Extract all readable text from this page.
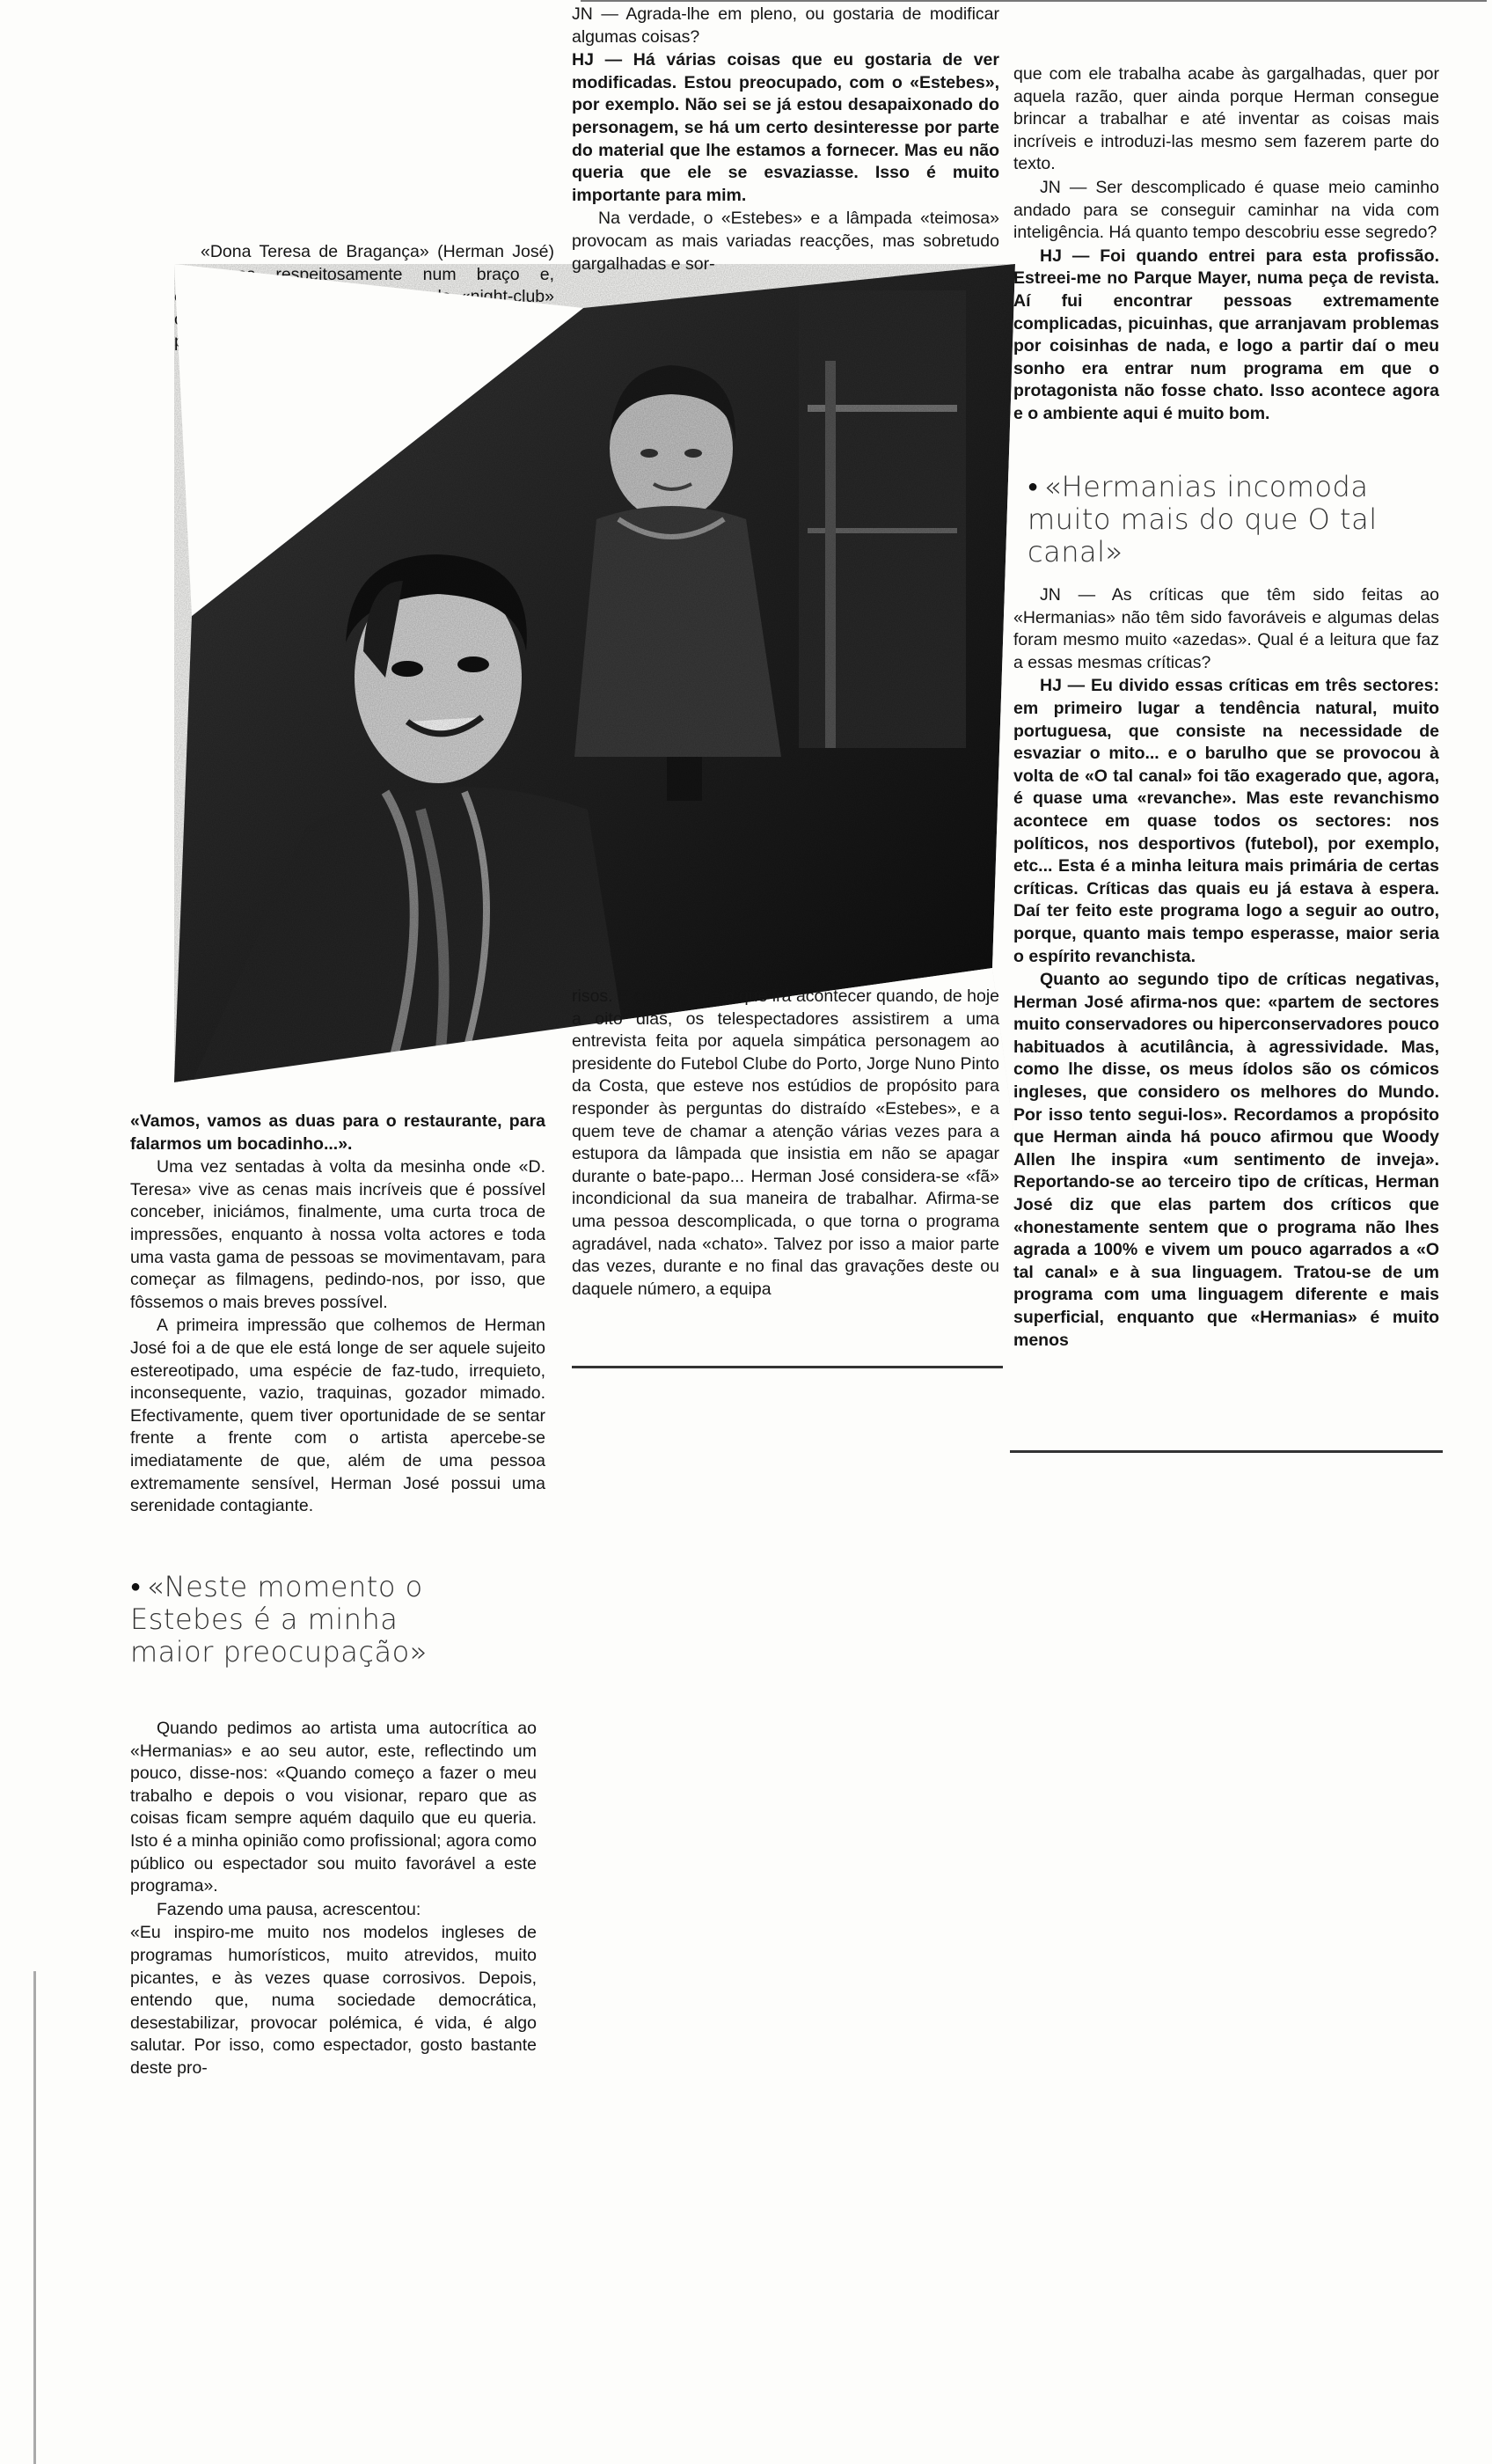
«Dona Teresa de Bragança» (Herman José)

«Vamos, vamos as duas para o restaurante, para falarmos um bocadinho...».

Uma vez sentadas à volta da mesinha onde «D. Teresa» vive as cenas mais incríveis que é possível conceber, iniciámos, finalmente, uma curta troca de impressões, enquanto à nossa volta actores e toda uma vasta gama de pessoas se movimentavam, para começar as filmagens, pedindo-nos, por isso, que fôssemos o mais breves possível.

A primeira impressão que colhemos de Herman José foi a de que ele está longe de ser aquele sujeito estereotipado, uma espécie de faz-tudo, irrequieto, inconsequente, vazio, traquinas, gozador mimado. Efectivamente, quem tiver oportunidade de se sentar frente a frente com o artista apercebe-se imediatamente de que, além de uma pessoa extremamente sensível, Herman José possui uma serenidade contagiante.

● «Neste momento o Estebes é a minha maior preocupação»

Quando pedimos ao artista uma autocrítica ao «Hermanias» e ao seu autor, este, reflectindo um pouco, disse-nos: «Quando começo a fazer o meu trabalho e depois o vou visionar, reparo que as coisas ficam sempre aquém daquilo que eu queria. Isto é a minha opinião como profissional; agora como público ou espectador sou muito favorável a este programa».

Fazendo uma pausa, acrescentou:

«Eu inspiro-me muito nos modelos ingleses de programas humorísticos, muito atrevidos, muito picantes, e às vezes quase corrosivos. Depois, entendo que, numa sociedade democrática, desestabilizar, provocar polémica, é vida, é algo salutar. Por isso, como espectador, gosto bastante deste pro-

JN — Agrada-lhe em pleno, ou gostaria de modificar algumas coisas?

HJ — Há várias coisas que eu gostaria de ver modificadas. Estou preocupado, com o «Estebes», por exemplo. Não sei se já estou desapaixonado do personagem, se há um certo desinteresse por parte do material que lhe estamos a fornecer. Mas eu não queria que ele se esvaziasse. Isso é muito importante para mim.

Na verdade, o «Estebes» e a lâmpada «teimosa» provocam as mais variadas reacções, mas sobretudo gargalhadas e sor-

risos. E certamente o que irá acontecer quando, de hoje a oito dias, os telespectadores assistirem a uma entrevista feita por aquela simpática personagem ao presidente do Futebol Clube do Porto, Jorge Nuno Pinto da Costa, que esteve nos estúdios de propósito para responder às perguntas do distraído «Estebes», e a quem teve de chamar a atenção várias vezes para a estupora da lâmpada que insistia em não se apagar durante o bate-papo... Herman José considera-se «fã» incondicional da sua maneira de trabalhar. Afirma-se uma pessoa descomplicada, o que torna o programa agradável, nada «chato». Talvez por isso a maior parte das vezes, durante e no final das gravações deste ou daquele número, a equipa

que com ele trabalha acabe às gargalhadas, quer por aquela razão, quer ainda porque Herman consegue brincar a trabalhar e até inventar as coisas mais incríveis e introduzi-las mesmo sem fazerem parte do texto.

JN — Ser descomplicado é quase meio caminho andado para se conseguir caminhar na vida com inteligência. Há quanto tempo descobriu esse segredo?

HJ — Foi quando entrei para esta profissão. Estreei-me no Parque Mayer, numa peça de revista. Aí fui encontrar pessoas extremamente complicadas, picuinhas, que arranjavam problemas por coisinhas de nada, e logo a partir daí o meu sonho era entrar num programa em que o protagonista não fosse chato. Isso acontece agora e o ambiente aqui é muito bom.

● «Hermanias incomoda muito mais do que O tal canal»

JN — As críticas que têm sido feitas ao «Hermanias» não têm sido favoráveis e algumas delas foram mesmo muito «azedas». Qual é a leitura que faz a essas mesmas críticas?

HJ — Eu divido essas críticas em três sectores: em primeiro lugar a tendência natural, muito portuguesa, que consiste na necessidade de esvaziar o mito... e o barulho que se provocou à volta de «O tal canal» foi tão exagerado que, agora, é quase uma «revanche». Mas este revanchismo acontece em quase todos os sectores: nos políticos, nos desportivos (futebol), por exemplo, etc... Esta é a minha leitura mais primária de certas críticas. Críticas das quais eu já estava à espera. Daí ter feito este programa logo a seguir ao outro, porque, quanto mais tempo esperasse, maior seria o espírito revanchista.

Quanto ao segundo tipo de críticas negativas, Herman José afirma-nos que: «partem de sectores muito conservadores ou hiperconservadores pouco habituados à acutilância, à agressividade. Mas, como lhe disse, os meus ídolos são os cómicos ingleses, que considero os melhores do Mundo. Por isso tento segui-los». Recordamos a propósito que Herman ainda há pouco afirmou que Woody Allen lhe inspira «um sentimento de inveja». Reportando-se ao terceiro tipo de críticas, Herman José diz que elas partem dos críticos que «honestamente sentem que o programa não lhes agrada a 100% e vivem um pouco agarrados a «O tal canal» e à sua linguagem. Tratou-se de um programa com uma linguagem diferente e mais superficial, enquanto que «Hermanias» é muito menos
